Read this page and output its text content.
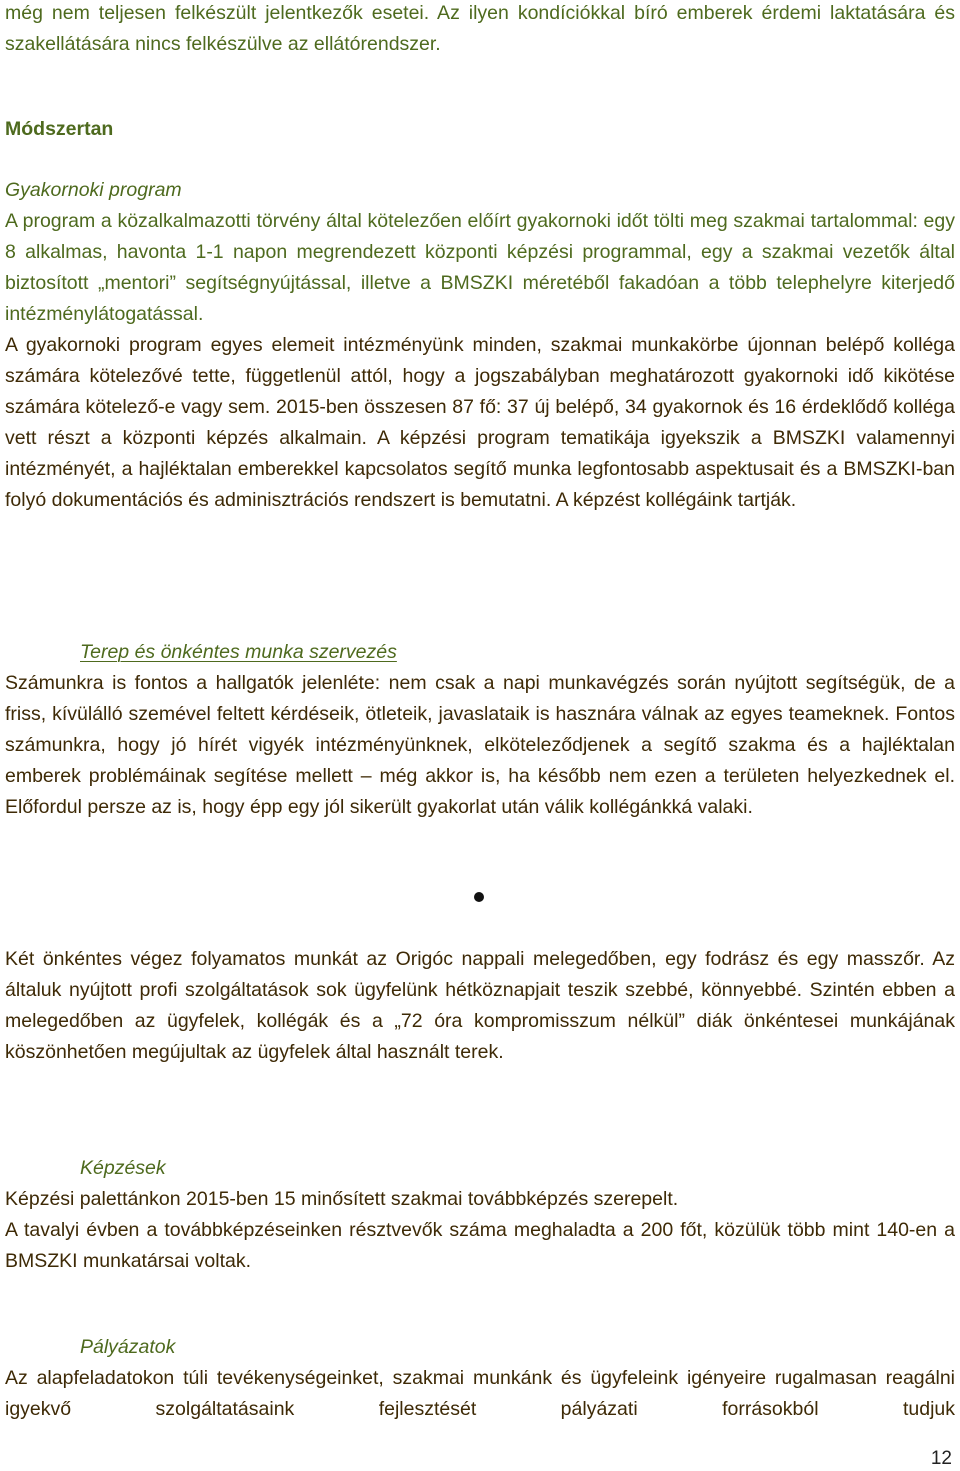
még nem teljesen felkészült jelentkezők esetei. Az ilyen kondíciókkal bíró emberek érdemi laktatására és szakellátására nincs felkészülve az ellátórendszer.

Módszertan

Gyakornoki program

A program a közalkalmazotti törvény által kötelezően előírt gyakornoki időt tölti meg szakmai tartalommal: egy 8 alkalmas, havonta 1-1 napon megrendezett központi képzési programmal, egy a szakmai vezetők által biztosított „mentori” segítségnyújtással, illetve a BMSZKI méretéből fakadóan a több telephelyre kiterjedő intézménylátogatással.

A gyakornoki program egyes elemeit intézményünk minden, szakmai munkakörbe újonnan belépő kolléga számára kötelezővé tette, függetlenül attól, hogy a jogszabályban meghatározott gyakornoki idő kikötése számára kötelező-e vagy sem. 2015-ben összesen 87 fő: 37 új belépő, 34 gyakornok és 16 érdeklődő kolléga vett részt a központi képzés alkalmain. A képzési program tematikája igyekszik a BMSZKI valamennyi intézményét, a hajléktalan emberekkel kapcsolatos segítő munka legfontosabb aspektusait és a BMSZKI-ban folyó dokumentációs és adminisztrációs rendszert is bemutatni. A képzést kollégáink tartják.

Terep és önkéntes munka szervezés

Számunkra is fontos a hallgatók jelenléte: nem csak a napi munkavégzés során nyújtott segítségük, de a friss, kívülálló szemével feltett kérdéseik, ötleteik, javaslataik is hasznára válnak az egyes teameknek. Fontos számunkra, hogy jó hírét vigyék intézményünknek, elköteleződjenek a segítő szakma és a hajléktalan emberek problémáinak segítése mellett – még akkor is, ha később nem ezen a területen helyezkednek el. Előfordul persze az is, hogy épp egy jól sikerült gyakorlat után válik kollégánkká valaki.

Két önkéntes végez folyamatos munkát az Origóc nappali melegedőben, egy fodrász és egy masszőr. Az általuk nyújtott profi szolgáltatások sok ügyfelünk hétköznapjait teszik szebbé, könnyebbé. Szintén ebben a melegedőben az ügyfelek, kollégák és a „72 óra kompromisszum nélkül” diák önkéntesei munkájának köszönhetően megújultak az ügyfelek által használt terek.

Képzések

Képzési palettánkon 2015-ben 15 minősített szakmai továbbképzés szerepelt.

A tavalyi évben a továbbképzéseinken résztvevők száma meghaladta a 200 főt, közülük több mint 140-en a BMSZKI munkatársai voltak.

Pályázatok

Az alapfeladatokon túli tevékenységeinket, szakmai munkánk és ügyfeleink igényeire rugalmasan reagálni igyekvő szolgáltatásaink fejlesztését pályázati forrásokból tudjuk

12
